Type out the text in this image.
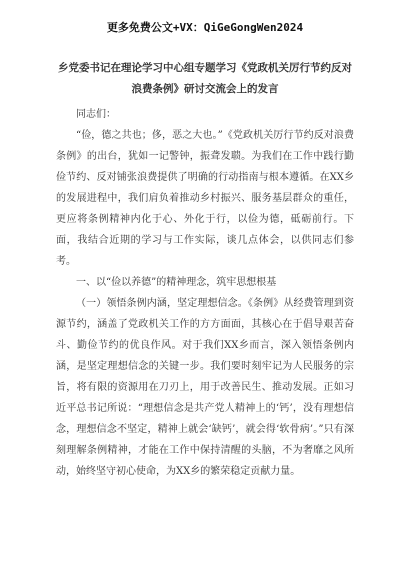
更多免费公文+VX：QiGeGongWen2024
乡党委书记在理论学习中心组专题学习《党政机关厉行节约反对浪费条例》研讨交流会上的发言
同志们：

“俭，德之共也；侈，恶之大也。”《党政机关厉行节约反对浪费条例》的出台，犹如一记警钟，振聋发聩。为我们在工作中践行勤俭节约、反对铺张浪费提供了明确的行动指南与根本遵循。在XX乡的发展进程中，我们肩负着推动乡村振兴、服务基层群众的重任，更应将条例精神内化于心、外化于行，以俭为德，砥砺前行。下面，我结合近期的学习与工作实际，谈几点体会，以供同志们参考。

一、以“俭以养德”的精神理念，筑牢思想根基

（一）领悟条例内涵，坚定理想信念。《条例》从经费管理到资源节约，涵盖了党政机关工作的方方面面，其核心在于倡导艰苦奋斗、勤俭节约的优良作风。对于我们XX乡而言，深入领悟条例内涵，是坚定理想信念的关键一步。我们要时刻牢记为人民服务的宗旨，将有限的资源用在刀刃上，用于改善民生、推动发展。正如习近平总书记所说：“理想信念是共产党人精神上的‘钙’，没有理想信念，理想信念不坚定，精神上就会‘缺钙’，就会得‘软骨病’。”只有深刻理解条例精神，才能在工作中保持清醒的头脑，不为奢靡之风所动，始终坚守初心使命，为XX乡的繁荣稳定贡献力量。
